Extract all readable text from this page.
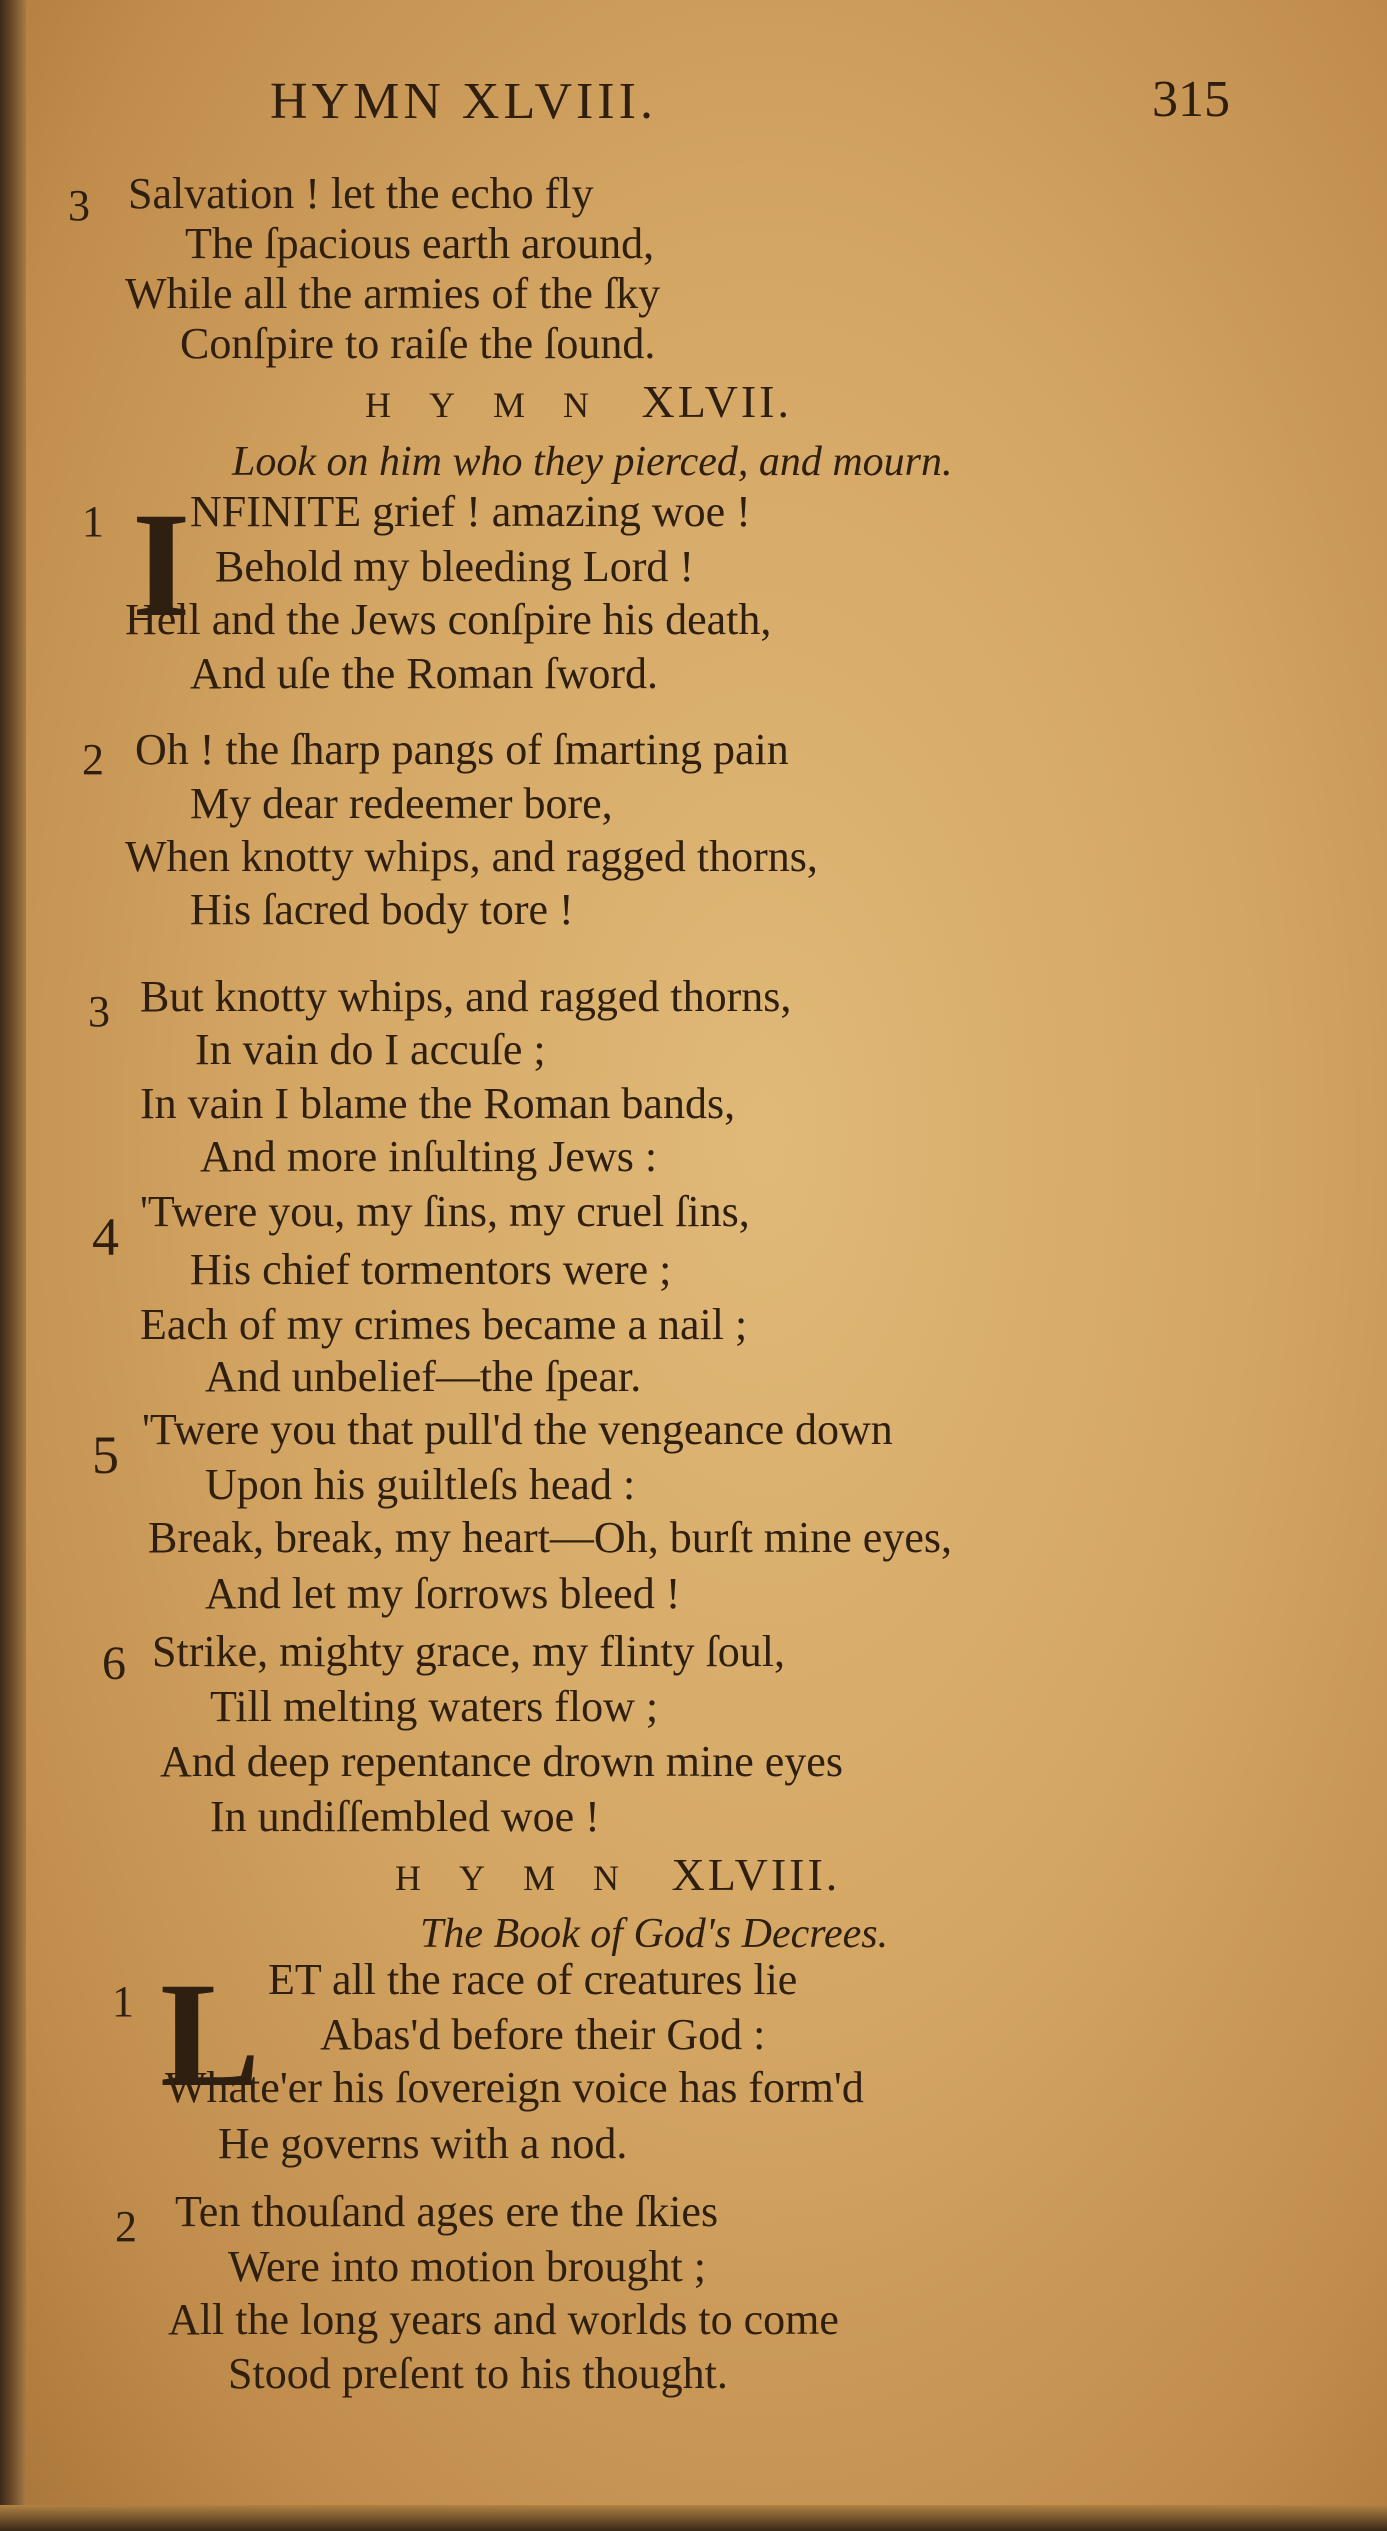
HYMN XLVIII.	315
3 Salvation ! let the echo fly
The ſpacious earth around,
While all the armies of the ſky
Conſpire to raiſe the ſound.
HYMN XLVII.
Look on him who they pierced, and mourn.
1 I NFINITE grief ! amazing woe !
Behold my bleeding Lord !
Hell and the Jews conſpire his death,
And uſe the Roman ſword.
2 Oh ! the ſharp pangs of ſmarting pain
My dear redeemer bore,
When knotty whips, and ragged thorns,
His ſacred body tore !
3 But knotty whips, and ragged thorns,
In vain do I accuſe ;
In vain I blame the Roman bands,
And more inſulting Jews :
4 'Twere you, my ſins, my cruel ſins,
His chief tormentors were ;
Each of my crimes became a nail ;
And unbelief—the ſpear.
5 'Twere you that pull'd the vengeance down
Upon his guiltleſs head :
Break, break, my heart—Oh, burſt mine eyes,
And let my ſorrows bleed !
6 Strike, mighty grace, my flinty ſoul,
Till melting waters flow ;
And deep repentance drown mine eyes
In undiſſembled woe !
HYMN XLVIII.
The Book of God's Decrees.
1 L ET all the race of creatures lie
Abas'd before their God :
Whate'er his ſovereign voice has form'd
He governs with a nod.
2 Ten thouſand ages ere the ſkies
Were into motion brought ;
All the long years and worlds to come
Stood preſent to his thought.
